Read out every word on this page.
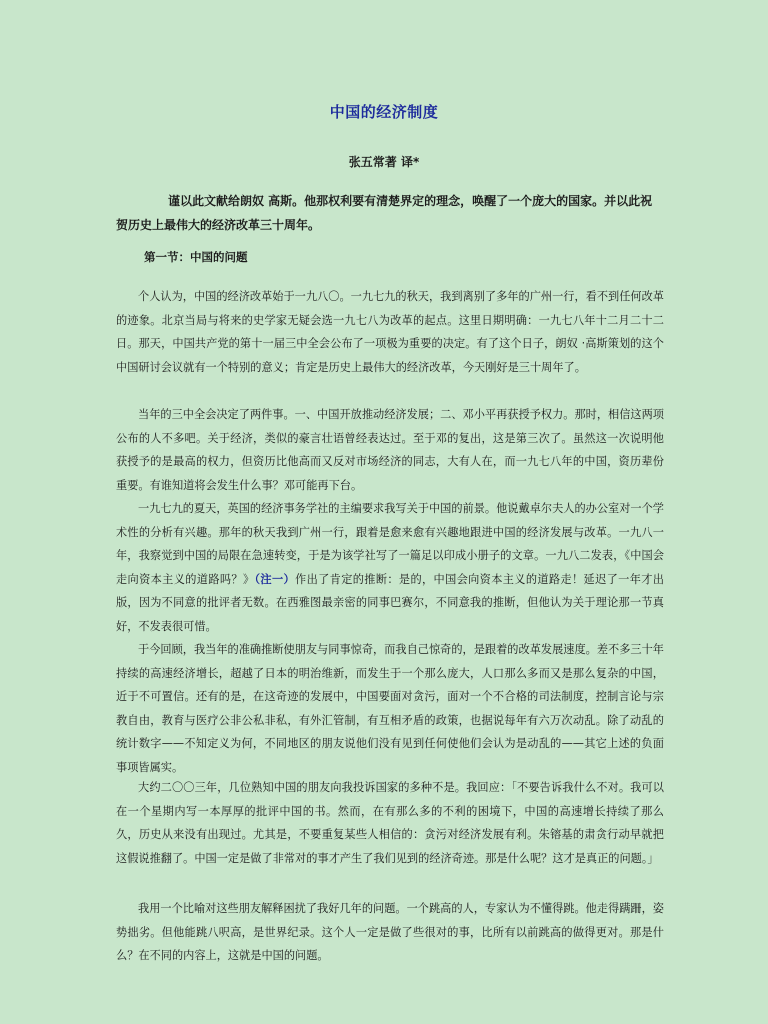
中国的经济制度
张五常著 译*

谨以此文献给朗奴 高斯。他那权利要有清楚界定的理念，唤醒了一个庞大的国家。并以此祝贺历史上最伟大的经济改革三十周年。

第一节：中国的问题

个人认为，中国的经济改革始于一九八〇。一九七九的秋天，我到离别了多年的广州一行，看不到任何改革的迹象。北京当局与将来的史学家无疑会选一九七八为改革的起点。这里日期明确：一九七八年十二月二十二日。那天，中国共产党的第十一届三中全会公布了一项极为重要的决定。有了这个日子，朗奴 ·高斯策划的这个中国研讨会议就有一个特别的意义；肯定是历史上最伟大的经济改革，今天刚好是三十周年了。

当年的三中全会决定了两件事。一、中国开放推动经济发展；二、邓小平再获授予权力。那时，相信这两项公布的人不多吧。关于经济，类似的豪言壮语曾经表达过。至于邓的复出，这是第三次了。虽然这一次说明他获授予的是最高的权力，但资历比他高而又反对市场经济的同志，大有人在，而一九七八年的中国，资历辈份重要。有谁知道将会发生什么事？邓可能再下台。

一九七九的夏天，英国的经济事务学社的主编要求我写关于中国的前景。他说戴卓尔夫人的办公室对一个学术性的分析有兴趣。那年的秋天我到广州一行，跟着是愈来愈有兴趣地跟进中国的经济发展与改革。一九八一年，我察觉到中国的局限在急速转变，于是为该学社写了一篇足以印成小册子的文章。一九八二发表，《中国会走向资本主义的道路吗？》（注一）作出了肯定的推断：是的，中国会向资本主义的道路走！延迟了一年才出版，因为不同意的批评者无数。在西雅图最亲密的同事巴赛尔，不同意我的推断，但他认为关于理论那一节真好，不发表很可惜。

于今回顾，我当年的准确推断使朋友与同事惊奇，而我自己惊奇的，是跟着的改革发展速度。差不多三十年持续的高速经济增长，超越了日本的明治维新，而发生于一个那么庞大，人口那么多而又是那么复杂的中国，近于不可置信。还有的是，在这奇迹的发展中，中国要面对贪污，面对一个不合格的司法制度，控制言论与宗教自由，教育与医疗公非公私非私，有外汇管制，有互相矛盾的政策，也据说每年有六万次动乱。除了动乱的统计数字——不知定义为何，不同地区的朋友说他们没有见到任何使他们会认为是动乱的——其它上述的负面事项皆属实。

大约二〇〇三年，几位熟知中国的朋友向我投诉国家的多种不是。我回应：「不要告诉我什么不对。我可以在一个星期内写一本厚厚的批评中国的书。然而，在有那么多的不利的困境下，中国的高速增长持续了那么久，历史从来没有出现过。尤其是，不要重复某些人相信的：贪污对经济发展有利。朱镕基的肃贪行动早就把这假说推翻了。中国一定是做了非常对的事才产生了我们见到的经济奇迹。那是什么呢？这才是真正的问题。」

我用一个比喻对这些朋友解释困扰了我好几年的问题。一个跳高的人，专家认为不懂得跳。他走得蹒跚，姿势拙劣。但他能跳八呎高，是世界纪录。这个人一定是做了些很对的事，比所有以前跳高的做得更对。那是什么？在不同的内容上，这就是中国的问题。
